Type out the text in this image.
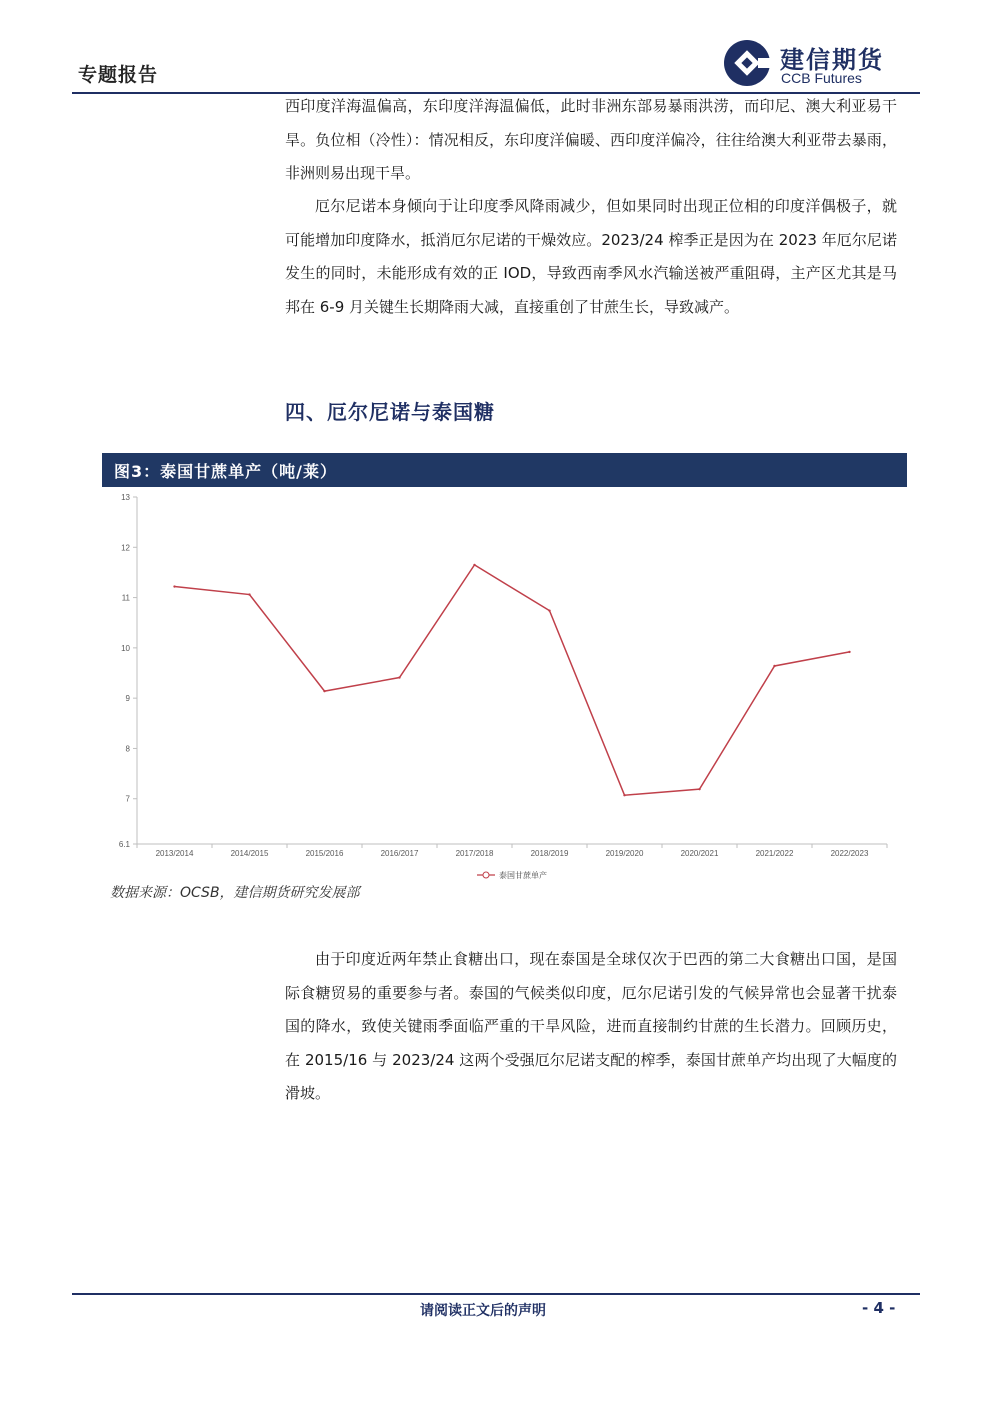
专题报告
建信期货
CCB Futures
西印度洋海温偏高，东印度洋海温偏低，此时非洲东部易暴雨洪涝，而印尼、澳大利亚易干旱。负位相（冷性）：情况相反，东印度洋偏暖、西印度洋偏冷，往往给澳大利亚带去暴雨，非洲则易出现干旱。
厄尔尼诺本身倾向于让印度季风降雨减少，但如果同时出现正位相的印度洋偶极子，就可能增加印度降水，抵消厄尔尼诺的干燥效应。2023/24 榨季正是因为在 2023 年厄尔尼诺发生的同时，未能形成有效的正 IOD，导致西南季风水汽输送被严重阻碍，主产区尤其是马邦在 6-9 月关键生长期降雨大减，直接重创了甘蔗生长，导致减产。
四、厄尔尼诺与泰国糖
图3：泰国甘蔗单产（吨/莱）
13
12
11
10
9
8
7
6.1
2013/2014	2014/2015	2015/2016	2016/2017	2017/2018	2018/2019	2019/2020	2020/2021	2021/2022	2022/2023
泰国甘蔗单产
数据来源：OCSB，建信期货研究发展部
由于印度近两年禁止食糖出口，现在泰国是全球仅次于巴西的第二大食糖出口国，是国际食糖贸易的重要参与者。泰国的气候类似印度，厄尔尼诺引发的气候异常也会显著干扰泰国的降水，致使关键雨季面临严重的干旱风险，进而直接制约甘蔗的生长潜力。回顾历史，在 2015/16 与 2023/24 这两个受强厄尔尼诺支配的榨季，泰国甘蔗单产均出现了大幅度的滑坡。
请阅读正文后的声明	- 4 -
